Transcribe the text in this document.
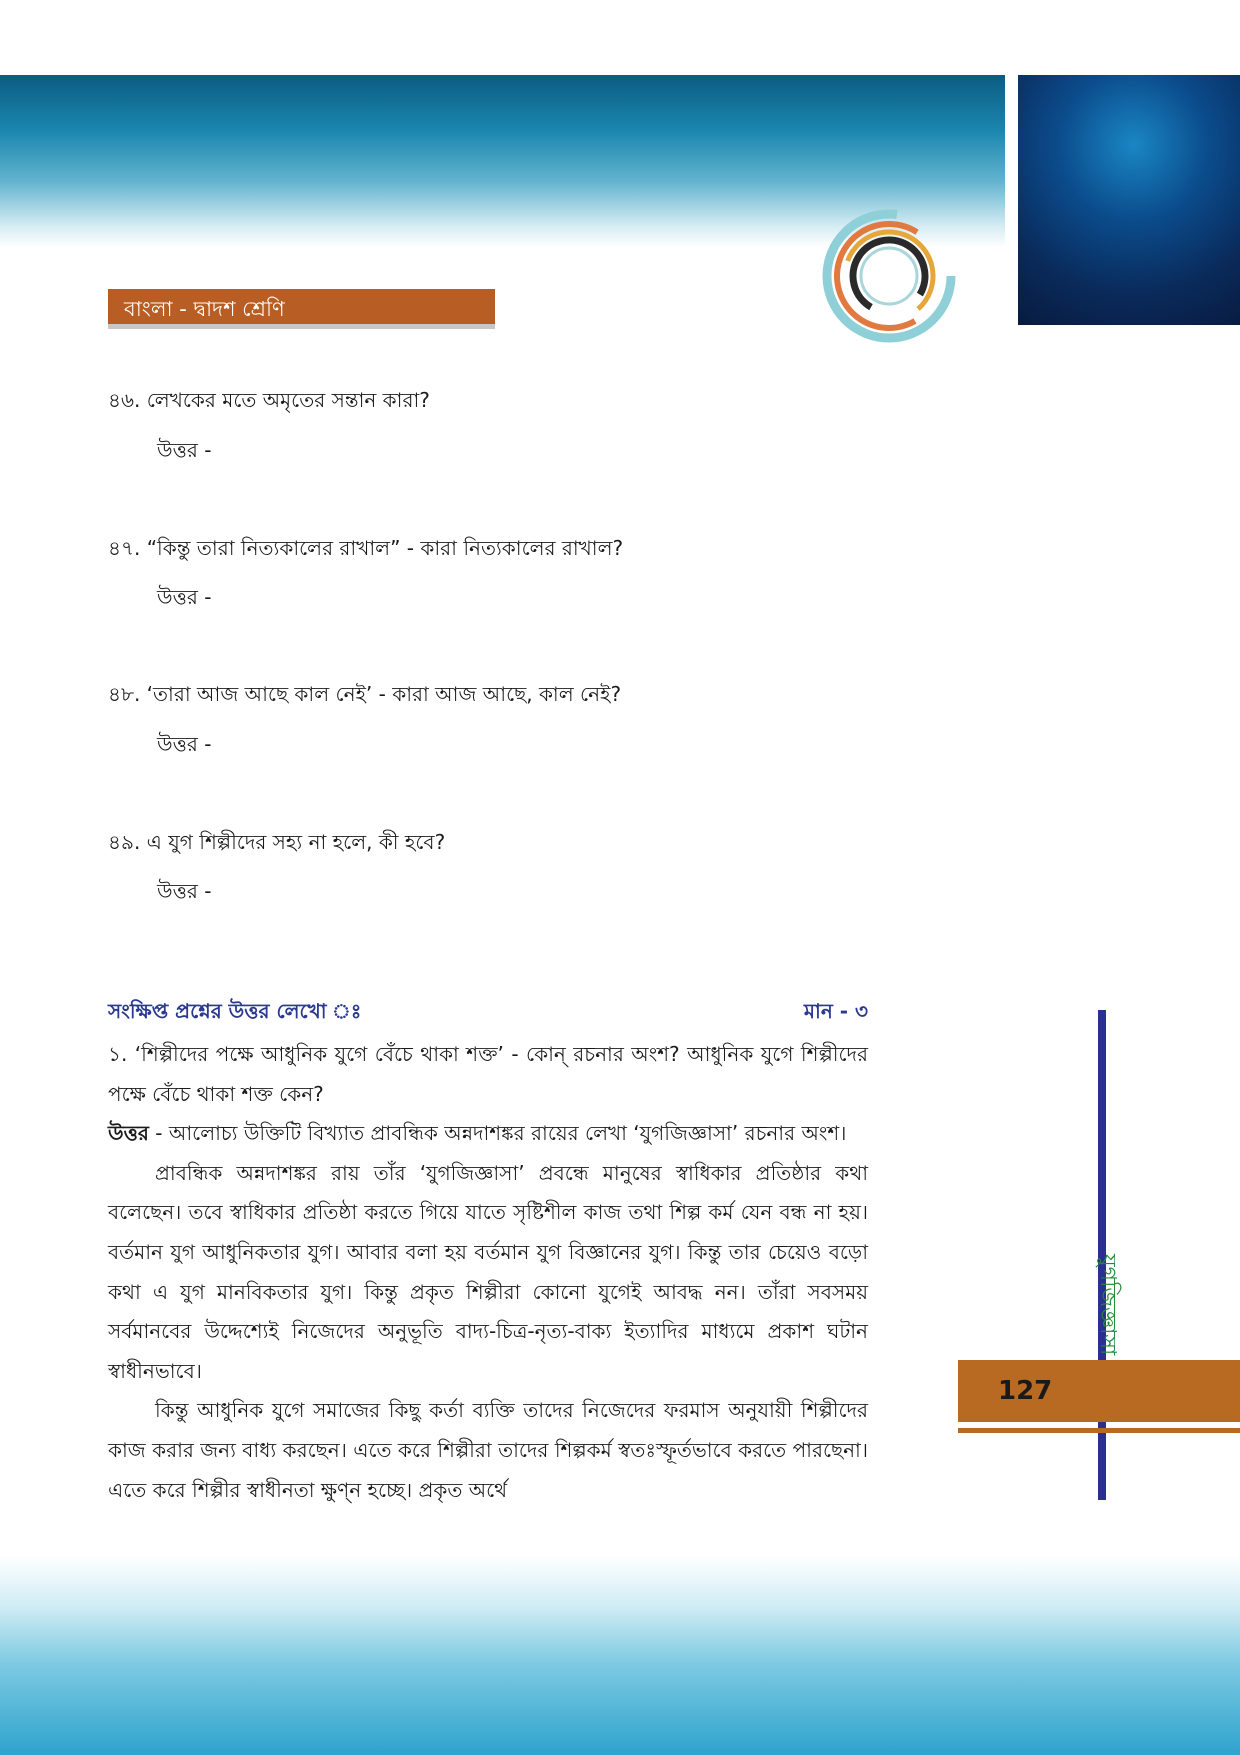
বাংলা - দ্বাদশ শ্রেণি
৪৬. লেখকের মতে অমৃতের সন্তান কারা?
উত্তর -
৪৭. “কিন্তু তারা নিত্যকালের রাখাল” - কারা নিত্যকালের রাখাল?
উত্তর -
৪৮. ‘তারা আজ আছে কাল নেই’ - কারা আজ আছে, কাল নেই?
উত্তর -
৪৯. এ যুগ শিল্পীদের সহ্য না হলে, কী হবে?
উত্তর -
সংক্ষিপ্ত প্রশ্নের উত্তর লেখো ঃ	মান - ৩

১. ‘শিল্পীদের পক্ষে আধুনিক যুগে বেঁচে থাকা শক্ত’ - কোন্ রচনার অংশ? আধুনিক যুগে শিল্পীদের পক্ষে বেঁচে থাকা শক্ত কেন?

উত্তর - আলোচ্য উক্তিটি বিখ্যাত প্রাবন্ধিক অন্নদাশঙ্কর রায়ের লেখা ‘যুগজিজ্ঞাসা’ রচনার অংশ।

প্রাবন্ধিক অন্নদাশঙ্কর রায় তাঁর ‘যুগজিজ্ঞাসা’ প্রবন্ধে মানুষের স্বাধিকার প্রতিষ্ঠার কথা বলেছেন। তবে স্বাধিকার প্রতিষ্ঠা করতে গিয়ে যাতে সৃষ্টিশীল কাজ তথা শিল্প কর্ম যেন বন্ধ না হয়। বর্তমান যুগ আধুনিকতার যুগ। আবার বলা হয় বর্তমান যুগ বিজ্ঞানের যুগ। কিন্তু তার চেয়েও বড়ো কথা এ যুগ মানবিকতার যুগ। কিন্তু প্রকৃত শিল্পীরা কোনো যুগেই আবদ্ধ নন। তাঁরা সবসময় সর্বমানবের উদ্দেশ্যেই নিজেদের অনুভূতি বাদ্য-চিত্র-নৃত্য-বাক্য ইত্যাদির মাধ্যমে প্রকাশ ঘটান স্বাধীনভাবে।

কিন্তু আধুনিক যুগে সমাজের কিছু কর্তা ব্যক্তি তাদের নিজেদের ফরমাস অনুযায়ী শিল্পীদের কাজ করার জন্য বাধ্য করছেন। এতে করে শিল্পীরা তাদের শিল্পকর্ম স্বতঃস্ফূর্তভাবে করতে পারছেনা। এতে করে শিল্পীর স্বাধীনতা ক্ষুণ্ন হচ্ছে। প্রকৃত অর্থে

যুগজিজ্ঞাসা
127
